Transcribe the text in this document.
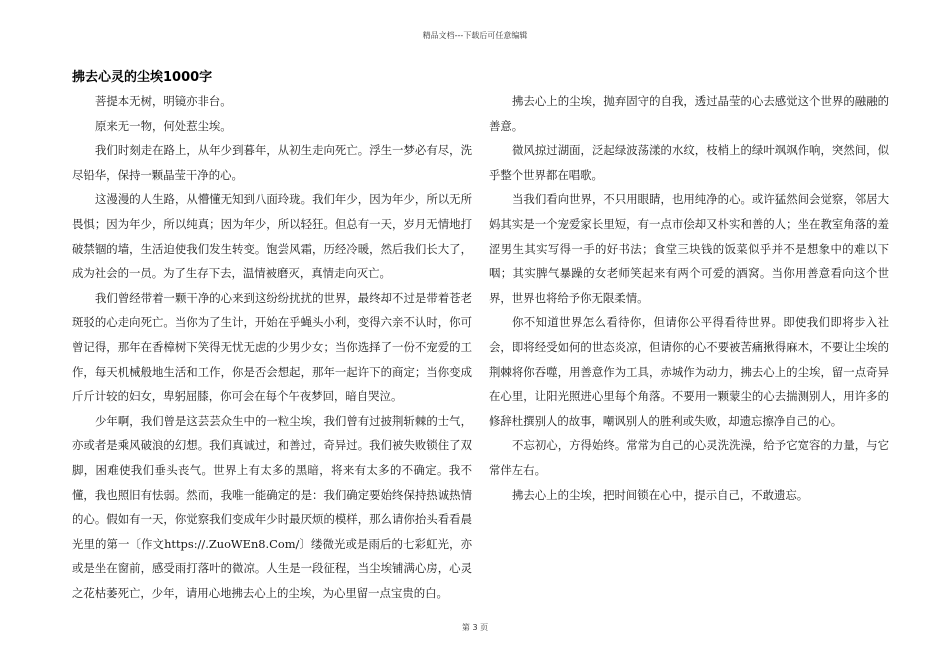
精品文档---下载后可任意编辑
拂去心灵的尘埃1000字

菩提本无树，明镜亦非台。

原来无一物，何处惹尘埃。

我们时刻走在路上，从年少到暮年，从初生走向死亡。浮生一梦必有尽，洗尽铅华，保持一颗晶莹干净的心。

这漫漫的人生路，从懵懂无知到八面玲珑。我们年少，因为年少，所以无所畏惧；因为年少，所以纯真；因为年少，所以轻狂。但总有一天，岁月无情地打破禁锢的墙，生活迫使我们发生转变。饱尝风霜，历经冷暖，然后我们长大了，成为社会的一员。为了生存下去，温情被磨灭，真情走向灭亡。

我们曾经带着一颗干净的心来到这纷纷扰扰的世界，最终却不过是带着苍老斑驳的心走向死亡。当你为了生计，开始在乎蝇头小利，变得六亲不认时，你可曾记得，那年在香樟树下笑得无忧无虑的少男少女；当你选择了一份不宠爱的工作，每天机械般地生活和工作，你是否会想起，那年一起许下的商定；当你变成斤斤计较的妇女，卑躬屈膝，你可会在每个午夜梦回，暗自哭泣。

少年啊，我们曾是这芸芸众生中的一粒尘埃，我们曾有过披荆斩棘的士气，亦或者是乘风破浪的幻想。我们真诚过，和善过，奇异过。我们被失败锁住了双脚，困难使我们垂头丧气。世界上有太多的黑暗，将来有太多的不确定。我不懂，我也照旧有怯弱。然而，我唯一能确定的是：我们确定要始终保持热诚热情的心。假如有一天，你觉察我们变成年少时最厌烦的模样，那么请你抬头看看晨光里的第一〔作文https://.ZuoWEn8.Com/〕缕微光或是雨后的七彩虹光，亦或是坐在窗前，感受雨打落叶的微凉。人生是一段征程，当尘埃铺满心房，心灵之花枯萎死亡，少年，请用心地拂去心上的尘埃，为心里留一点宝贵的白。

拂去心上的尘埃，抛弃固守的自我，透过晶莹的心去感觉这个世界的融融的善意。

微风掠过湖面，泛起绿波荡漾的水纹，枝梢上的绿叶飒飒作响，突然间，似乎整个世界都在唱歌。

当我们看向世界，不只用眼睛，也用纯净的心。或许猛然间会觉察，邻居大妈其实是一个宠爱家长里短，有一点市侩却又朴实和善的人；坐在教室角落的羞涩男生其实写得一手的好书法；食堂三块钱的饭菜似乎并不是想象中的难以下咽；其实脾气暴躁的女老师笑起来有两个可爱的酒窝。当你用善意看向这个世界，世界也将给予你无限柔情。

你不知道世界怎么看待你，但请你公平得看待世界。即使我们即将步入社会，即将经受如何的世态炎凉，但请你的心不要被苦痛揪得麻木，不要让尘埃的荆棘将你吞噬，用善意作为工具，赤城作为动力，拂去心上的尘埃，留一点奇异在心里，让阳光照进心里每个角落。不要用一颗蒙尘的心去揣测别人，用许多的修辞杜撰别人的故事，嘲讽别人的胜利或失败，却遗忘擦净自己的心。

不忘初心，方得始终。常常为自己的心灵洗洗澡，给予它宽容的力量，与它常伴左右。

拂去心上的尘埃，把时间锁在心中，提示自己，不敢遗忘。

第 3 页
